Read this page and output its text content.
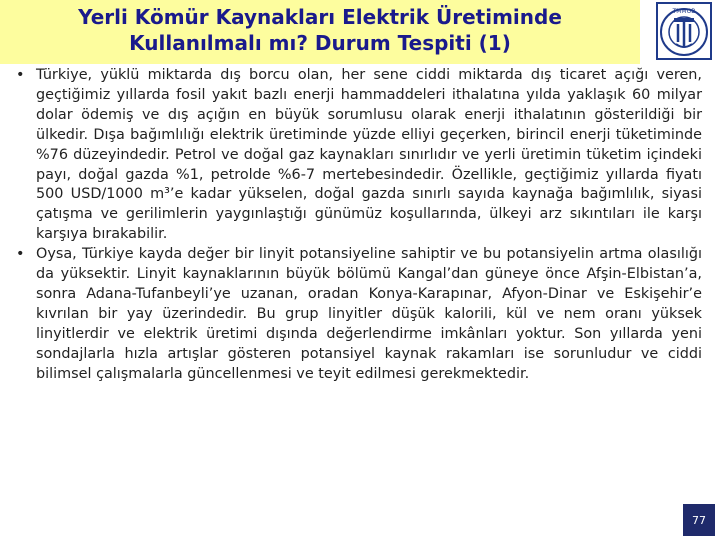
Yerli Kömür Kaynakları Elektrik Üretiminde
Kullanılmalı mı? Durum Tespiti (1)
TMMOB
• Türkiye, yüklü miktarda dış borcu olan, her sene ciddi miktarda dış ticaret açığı veren, geçtiğimiz yıllarda fosil yakıt bazlı enerji hammaddeleri ithalatına yılda yaklaşık 60 milyar dolar ödemiş ve dış açığın en büyük sorumlusu olarak enerji ithalatının gösterildiği bir ülkedir. Dışa bağımlılığı elektrik üretiminde yüzde elliyi geçerken, birincil enerji tüketiminde %76 düzeyindedir. Petrol ve doğal gaz kaynakları sınırlıdır ve yerli üretimin tüketim içindeki payı, doğal gazda %1, petrolde %6-7 mertebesindedir. Özellikle, geçtiğimiz yıllarda fiyatı 500 USD/1000 m³’e kadar yükselen, doğal gazda sınırlı sayıda kaynağa bağımlılık, siyasi çatışma ve gerilimlerin yaygınlaştığı günümüz koşullarında, ülkeyi arz sıkıntıları ile karşı karşıya bırakabilir.
• Oysa, Türkiye kayda değer bir linyit potansiyeline sahiptir ve bu potansiyelin artma olasılığı da yüksektir. Linyit kaynaklarının büyük bölümü Kangal’dan güneye önce Afşin-Elbistan’a, sonra Adana-Tufanbeyli’ye uzanan, oradan Konya-Karapınar, Afyon-Dinar ve Eskişehir’e kıvrılan bir yay üzerindedir. Bu grup linyitler düşük kalorili, kül ve nem oranı yüksek linyitlerdir ve elektrik üretimi dışında değerlendirme imkânları yoktur. Son yıllarda yeni sondajlarla hızla artışlar gösteren potansiyel kaynak rakamları ise sorunludur ve ciddi bilimsel çalışmalarla güncellenmesi ve teyit edilmesi gerekmektedir.
77
